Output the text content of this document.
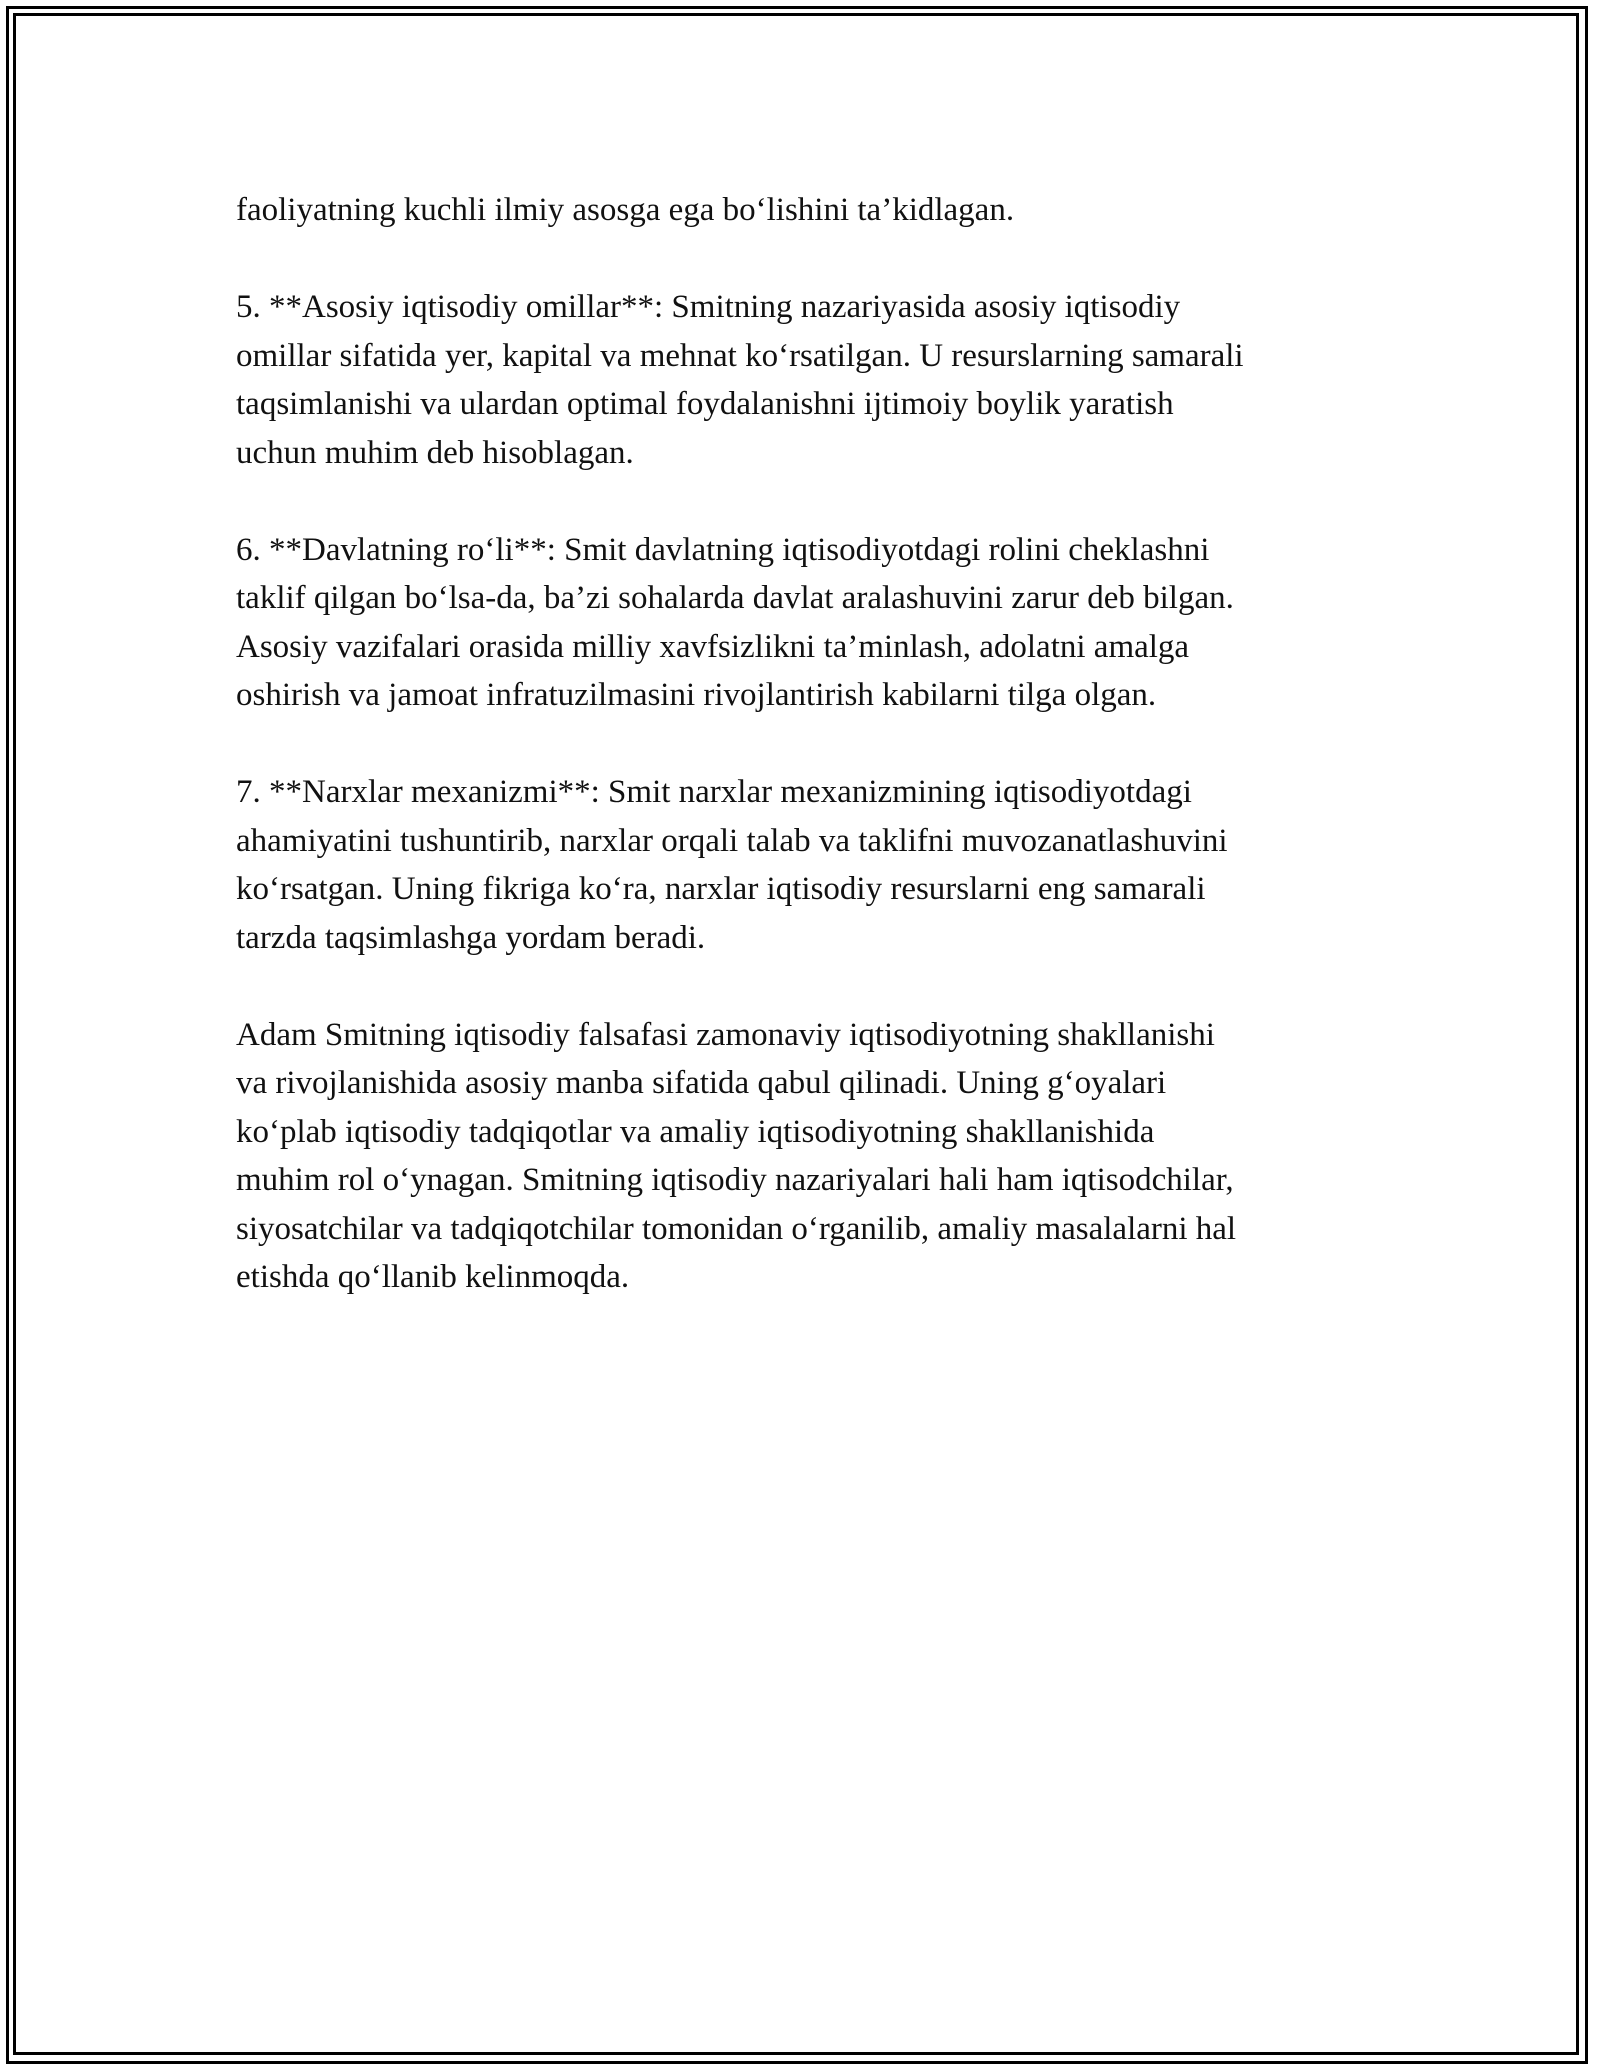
faoliyatning kuchli ilmiy asosga ega bo‘lishini ta’kidlagan.
5. **Asosiy iqtisodiy omillar**: Smitning nazariyasida asosiy iqtisodiy
omillar sifatida yer, kapital va mehnat ko‘rsatilgan. U resurslarning samarali
taqsimlanishi va ulardan optimal foydalanishni ijtimoiy boylik yaratish
uchun muhim deb hisoblagan.
6. **Davlatning ro‘li**: Smit davlatning iqtisodiyotdagi rolini cheklashni
taklif qilgan bo‘lsa-da, ba’zi sohalarda davlat aralashuvini zarur deb bilgan.
Asosiy vazifalari orasida milliy xavfsizlikni ta’minlash, adolatni amalga
oshirish va jamoat infratuzilmasini rivojlantirish kabilarni tilga olgan.
7. **Narxlar mexanizmi**: Smit narxlar mexanizmining iqtisodiyotdagi
ahamiyatini tushuntirib, narxlar orqali talab va taklifni muvozanatlashuvini
ko‘rsatgan. Uning fikriga ko‘ra, narxlar iqtisodiy resurslarni eng samarali
tarzda taqsimlashga yordam beradi.
Adam Smitning iqtisodiy falsafasi zamonaviy iqtisodiyotning shakllanishi
va rivojlanishida asosiy manba sifatida qabul qilinadi. Uning g‘oyalari
ko‘plab iqtisodiy tadqiqotlar va amaliy iqtisodiyotning shakllanishida
muhim rol o‘ynagan. Smitning iqtisodiy nazariyalari hali ham iqtisodchilar,
siyosatchilar va tadqiqotchilar tomonidan o‘rganilib, amaliy masalalarni hal
etishda qo‘llanib kelinmoqda.
